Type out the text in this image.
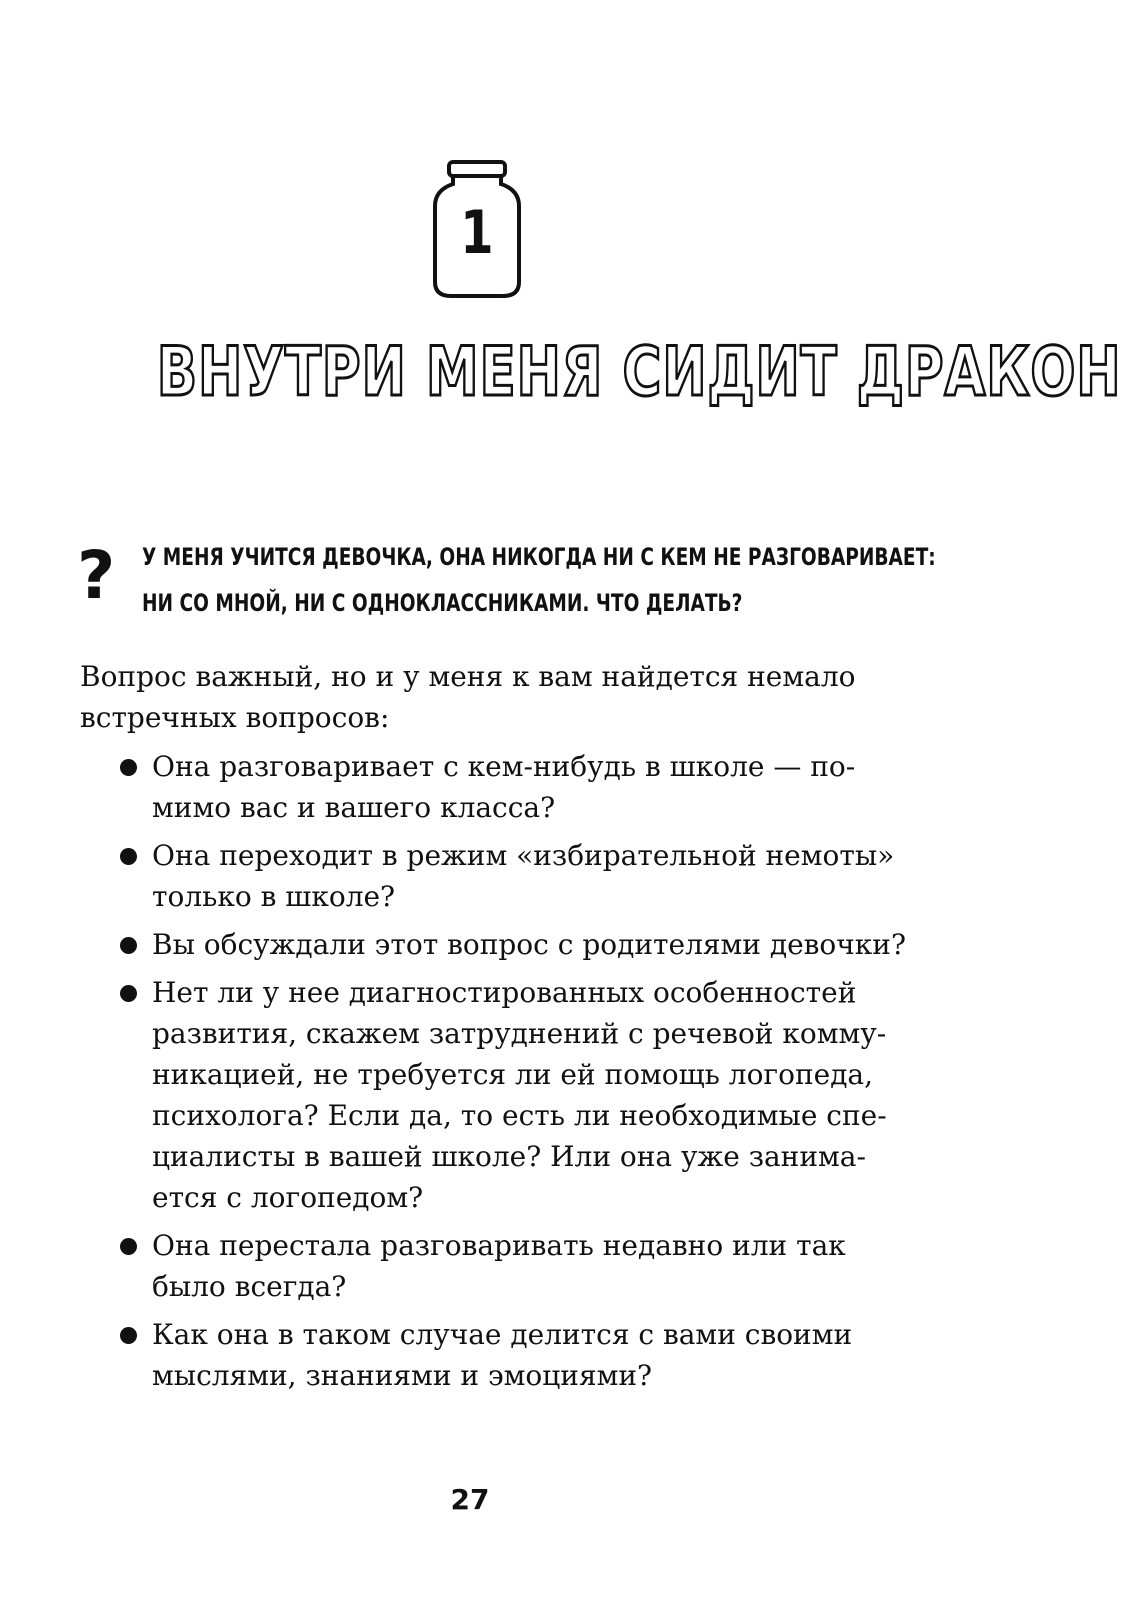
1
ВНУТРИ МЕНЯ СИДИТ ДРАКОН
? У МЕНЯ УЧИТСЯ ДЕВОЧКА, ОНА НИКОГДА НИ С КЕМ НЕ РАЗГОВАРИВАЕТ:
НИ СО МНОЙ, НИ С ОДНОКЛАССНИКАМИ. ЧТО ДЕЛАТЬ?
Вопрос важный, но и у меня к вам найдется немало
встречных вопросов:
Она разговаривает с кем-нибудь в школе — по-
мимо вас и вашего класса?
Она переходит в режим «избирательной немоты»
только в школе?
Вы обсуждали этот вопрос с родителями девочки?
Нет ли у нее диагностированных особенностей
развития, скажем затруднений с речевой комму-
никацией, не требуется ли ей помощь логопеда,
психолога? Если да, то есть ли необходимые спе-
циалисты в вашей школе? Или она уже занима-
ется с логопедом?
Она перестала разговаривать недавно или так
было всегда?
Как она в таком случае делится с вами своими
мыслями, знаниями и эмоциями?
27
